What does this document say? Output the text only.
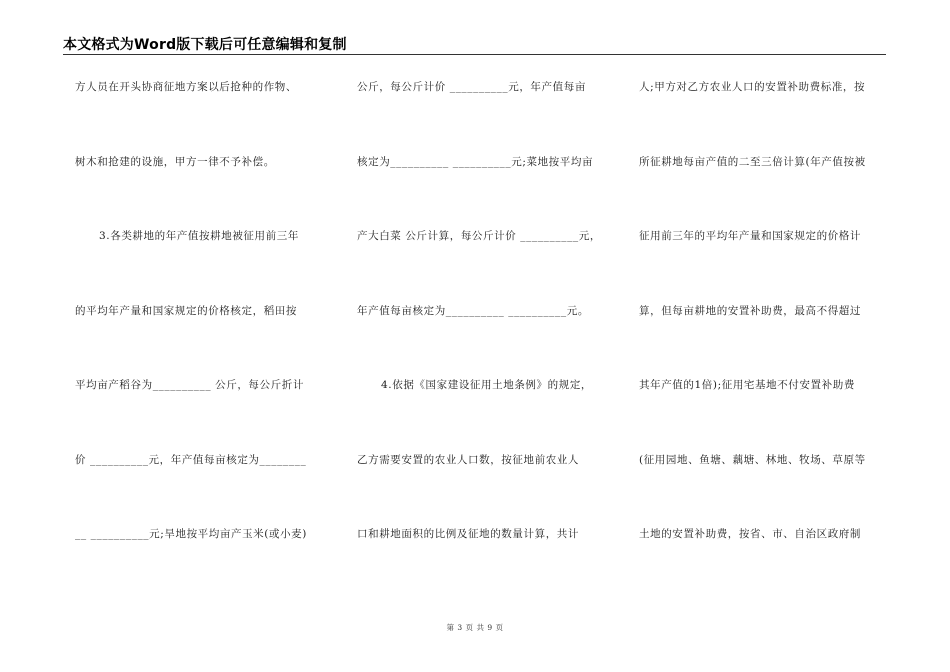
本文格式为Word版下载后可任意编辑和复制
方人员在开头协商征地方案以后抢种的作物、
树木和抢建的设施，甲方一律不予补偿。
3.各类耕地的年产值按耕地被征用前三年
的平均年产量和国家规定的价格核定，稻田按
平均亩产稻谷为__________ 公斤，每公斤折计
价 __________元，年产值每亩核定为________
__ __________元;旱地按平均亩产玉米(或小麦)
公斤，每公斤计价 __________元，年产值每亩
核定为__________ __________元;菜地按平均亩
产大白菜 公斤计算，每公斤计价 __________元，
年产值每亩核定为__________ __________元。
4.依据《国家建设征用土地条例》的规定，
乙方需要安置的农业人口数，按征地前农业人
口和耕地面积的比例及征地的数量计算，共计
人;甲方对乙方农业人口的安置补助费标准，按
所征耕地每亩产值的二至三倍计算(年产值按被
征用前三年的平均年产量和国家规定的价格计
算，但每亩耕地的安置补助费，最高不得超过
其年产值的1倍);征用宅基地不付安置补助费
(征用园地、鱼塘、藕塘、林地、牧场、草原等
土地的安置补助费，按省、市、自治区政府制
第 3 页 共 9 页
